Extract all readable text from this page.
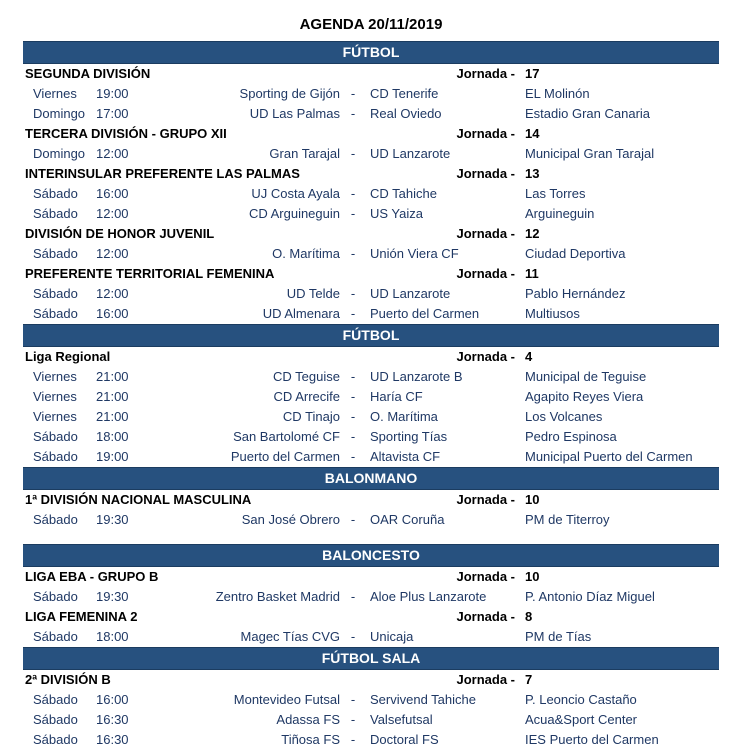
AGENDA 20/11/2019
FÚTBOL
SEGUNDA DIVISIÓN	Jornada - 17
Viernes	19:00	Sporting de Gijón -	CD Tenerife	EL Molinón
Domingo 17:00	UD Las Palmas -	Real Oviedo	Estadio Gran Canaria
TERCERA DIVISIÓN - GRUPO XII	Jornada - 14
Domingo 12:00	Gran Tarajal -	UD Lanzarote	Municipal Gran Tarajal
INTERINSULAR PREFERENTE LAS PALMAS	Jornada - 13
Sábado	16:00	UJ Costa Ayala -	CD Tahiche	Las Torres
Sábado	12:00	CD Arguineguin -	US Yaiza	Arguineguin
DIVISIÓN DE HONOR JUVENIL	Jornada - 12
Sábado	12:00	O. Marítima -	Unión Viera CF	Ciudad Deportiva
PREFERENTE TERRITORIAL FEMENINA	Jornada - 11
Sábado	12:00	UD Telde -	UD Lanzarote	Pablo Hernández
Sábado	16:00	UD Almenara -	Puerto del Carmen	Multiusos
FÚTBOL
Liga Regional	Jornada - 4
Viernes	21:00	CD Teguise -	UD Lanzarote B	Municipal de Teguise
Viernes	21:00	CD Arrecife -	Haría CF	Agapito Reyes Viera
Viernes	21:00	CD Tinajo -	O. Marítima	Los Volcanes
Sábado	18:00	San Bartolomé CF -	Sporting Tías	Pedro Espinosa
Sábado	19:00	Puerto del Carmen -	Altavista CF	Municipal Puerto del Carmen
BALONMANO
1ª DIVISIÓN NACIONAL MASCULINA	Jornada - 10
Sábado	19:30	San José Obrero -	OAR Coruña	PM de Titerroy
BALONCESTO
LIGA EBA - GRUPO B	Jornada - 10
Sábado	19:30	Zentro Basket Madrid -	Aloe Plus Lanzarote	P. Antonio Díaz Miguel
LIGA FEMENINA 2	Jornada - 8
Sábado	18:00	Magec Tías CVG -	Unicaja	PM de Tías
FÚTBOL SALA
2ª DIVISIÓN B	Jornada - 7
Sábado	16:00	Montevideo Futsal -	Servivend Tahiche	P. Leoncio Castaño
Sábado	16:30	Adassa FS -	Valsefutsal	Acua&Sport Center
Sábado	16:30	Tiñosa FS -	Doctoral FS	IES Puerto del Carmen
